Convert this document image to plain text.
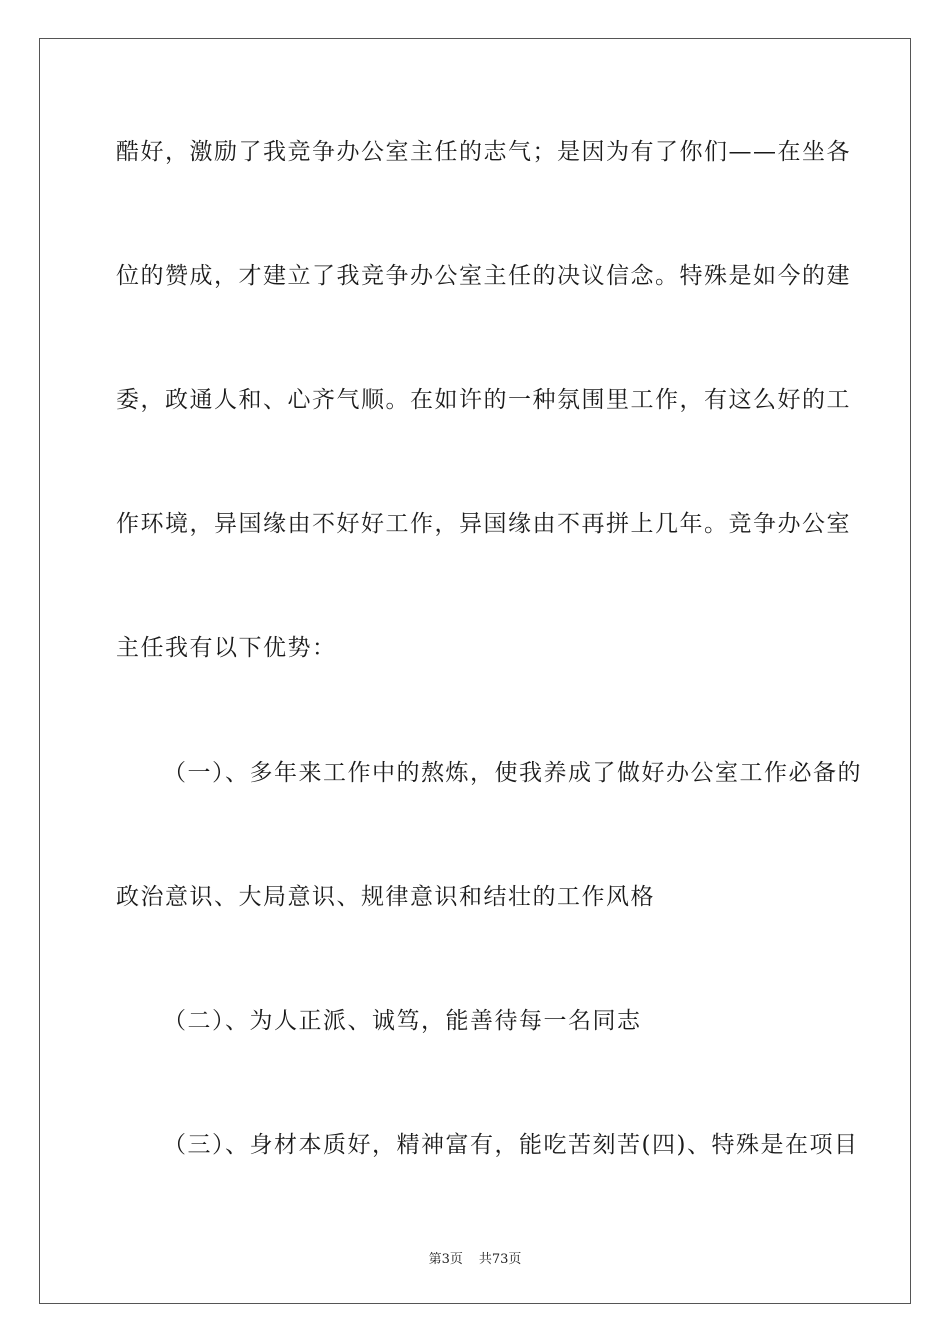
酷好，激励了我竞争办公室主任的志气；是因为有了你们——在坐各
位的赞成，才建立了我竞争办公室主任的决议信念。特殊是如今的建
委，政通人和、心齐气顺。在如许的一种氛围里工作，有这么好的工
作环境，异国缘由不好好工作，异国缘由不再拼上几年。竞争办公室
主任我有以下优势：
（一）、多年来工作中的熬炼，使我养成了做好办公室工作必备的
政治意识、大局意识、规律意识和结壮的工作风格
（二）、为人正派、诚笃，能善待每一名同志
（三）、身材本质好，精神富有，能吃苦刻苦(四)、特殊是在项目
第3页 共73页
